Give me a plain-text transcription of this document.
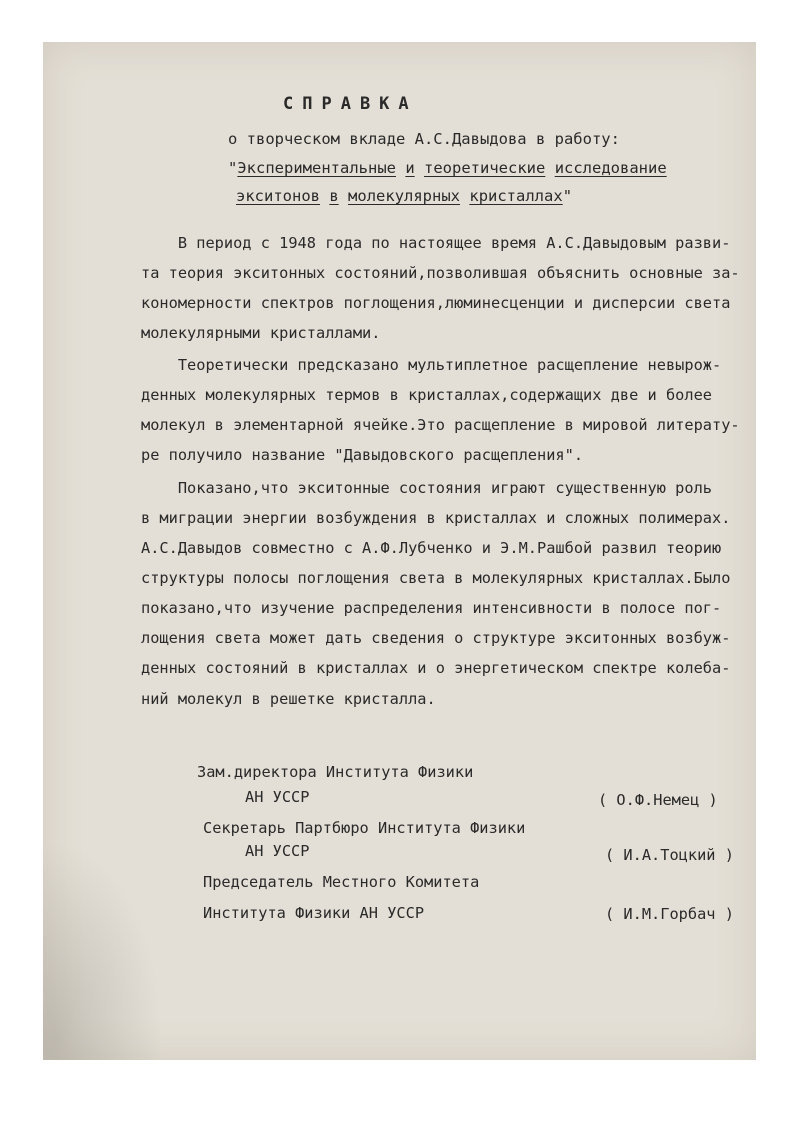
СПРАВКА
о творческом вкладе А.С.Давыдова в работу:
"Экспериментальные и теоретические исследование
экситонов в молекулярных кристаллах"
В период с 1948 года по настоящее время А.С.Давыдовым разви-
та теория экситонных состояний,позволившая объяснить основные за-
кономерности спектров поглощения,люминесценции и дисперсии света
молекулярными кристаллами.
Теоретически предсказано мультиплетное расщепление невырож-
денных молекулярных термов в кристаллах,содержащих две и более
молекул в элементарной ячейке.Это расщепление в мировой литерату-
ре получило название "Давыдовского расщепления".
Показано,что экситонные состояния играют существенную роль
в миграции энергии возбуждения в кристаллах и сложных полимерах.
А.С.Давыдов совместно с А.Ф.Лубченко и Э.М.Рашбой развил теорию
структуры полосы поглощения света в молекулярных кристаллах.Было
показано,что изучение распределения интенсивности в полосе пог-
лощения света может дать сведения о структуре экситонных возбуж-
денных состояний в кристаллах и о энергетическом спектре колеба-
ний молекул в решетке кристалла.
Зам.директора Института Физики
АН УССР	( О.Ф.Немец )
Секретарь Партбюро Института Физики
АН УССР	( И.А.Тоцкий )
Председатель Местного Комитета
Института Физики АН УССР	( И.М.Горбач )
